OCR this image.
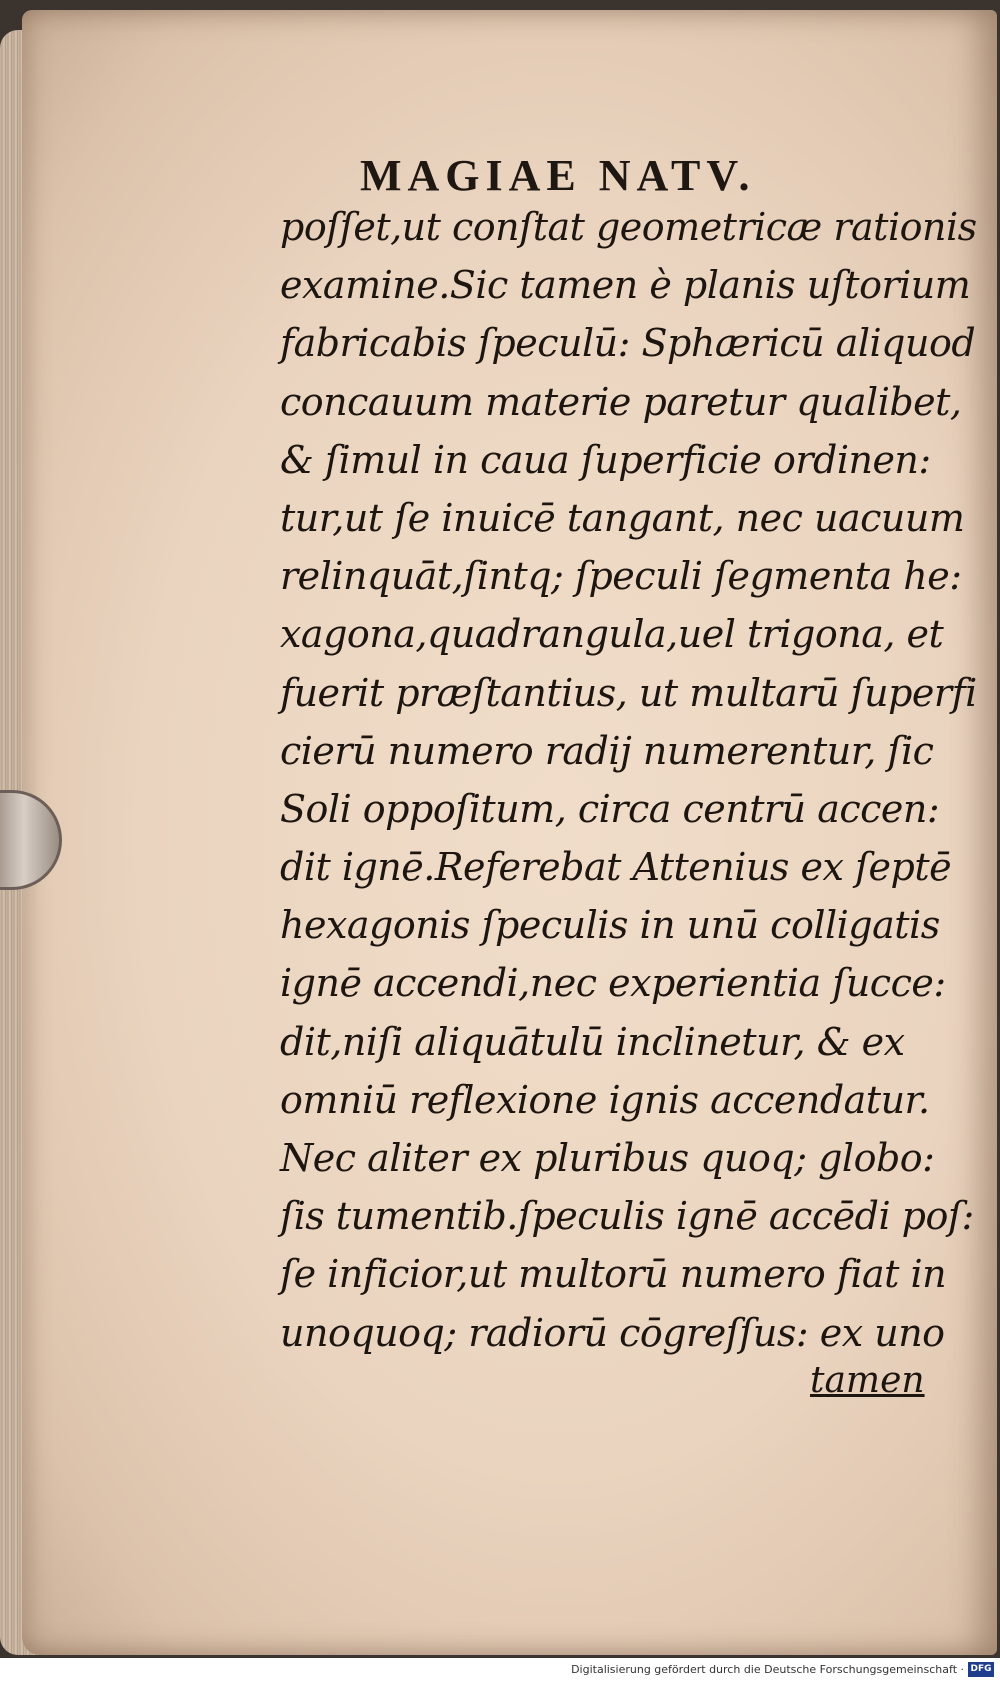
MAGIAE NATV.
poſſet,ut conſtat geometricæ rationis
examine.Sic tamen è planis uſtorium
fabricabis ſpeculū: Sphæricū aliquod
concauum materie paretur qualibet,
& ſimul in caua ſuperficie ordinen:
tur,ut ſe inuicē tangant, nec uacuum
relinquāt,ſintq; ſpeculi ſegmenta he:
xagona,quadrangula,uel trigona, et
fuerit præſtantius, ut multarū ſuperfi
cierū numero radij numerentur, ſic
Soli oppoſitum, circa centrū accen:
dit ignē.Referebat Attenius ex ſeptē
hexagonis ſpeculis in unū colligatis
ignē accendi,nec experientia ſucce:
dit,niſi aliquātulū inclinetur, & ex
omniū reflexione ignis accendatur.
Nec aliter ex pluribus quoq; globo:
ſis tumentib.ſpeculis ignē accēdi poſ:
ſe inficior,ut multorū numero fiat in
unoquoq; radiorū cōgreſſus: ex uno
tamen
Digitalisierung gefördert durch die Deutsche Forschungsgemeinschaft · DFG
